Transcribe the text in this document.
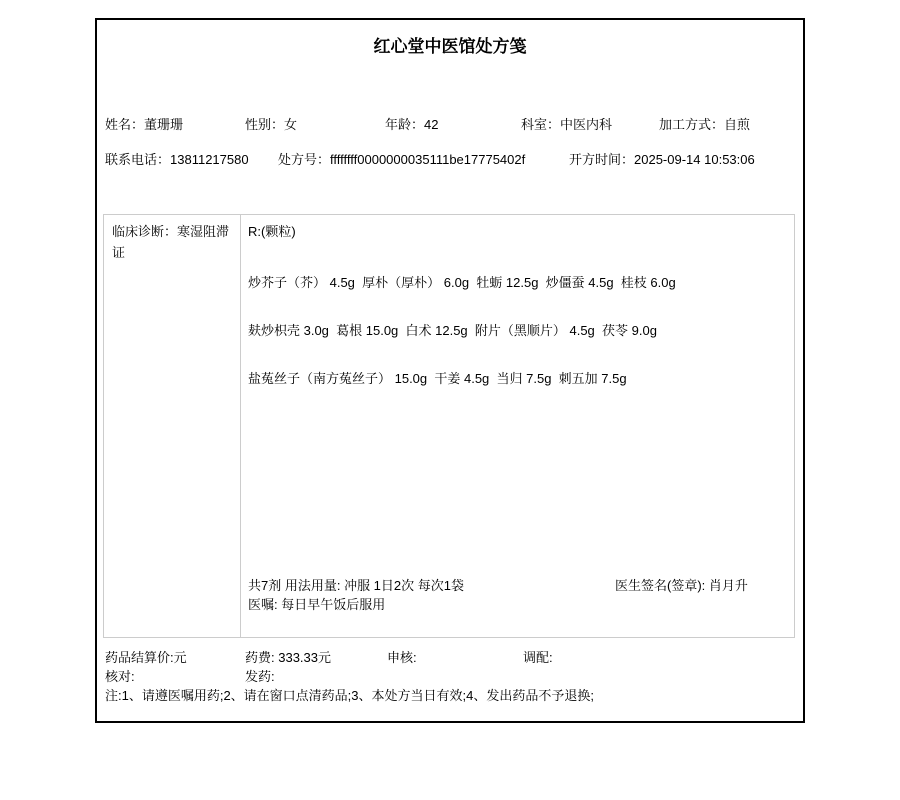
红心堂中医馆处方笺
姓名：董珊珊	性别：女	年龄：42	科室：中医内科	加工方式：自煎
联系电话：13811217580 处方号：ffffffff0000000035111be17775402f	开方时间：2025-09-14 10:53:06
临床诊断：寒湿阻滞证
R:(颗粒)
炒芥子（芥） 4.5g  厚朴（厚朴） 6.0g  牡蛎 12.5g  炒僵蚕 4.5g  桂枝 6.0g
麸炒枳壳 3.0g  葛根 15.0g  白术 12.5g  附片（黑顺片） 4.5g  茯苓 9.0g
盐菟丝子（南方菟丝子） 15.0g  干姜 4.5g  当归 7.5g  刺五加 7.5g
共7剂 用法用量: 冲服 1日2次 每次1袋
医嘱: 每日早午饭后服用
医生签名(签章): 肖月升
药品结算价:元	药费: 333.33元	申核:	调配:
核对:	发药:
注:1、请遵医嘱用药;2、请在窗口点清药品;3、本处方当日有效;4、发出药品不予退换;
